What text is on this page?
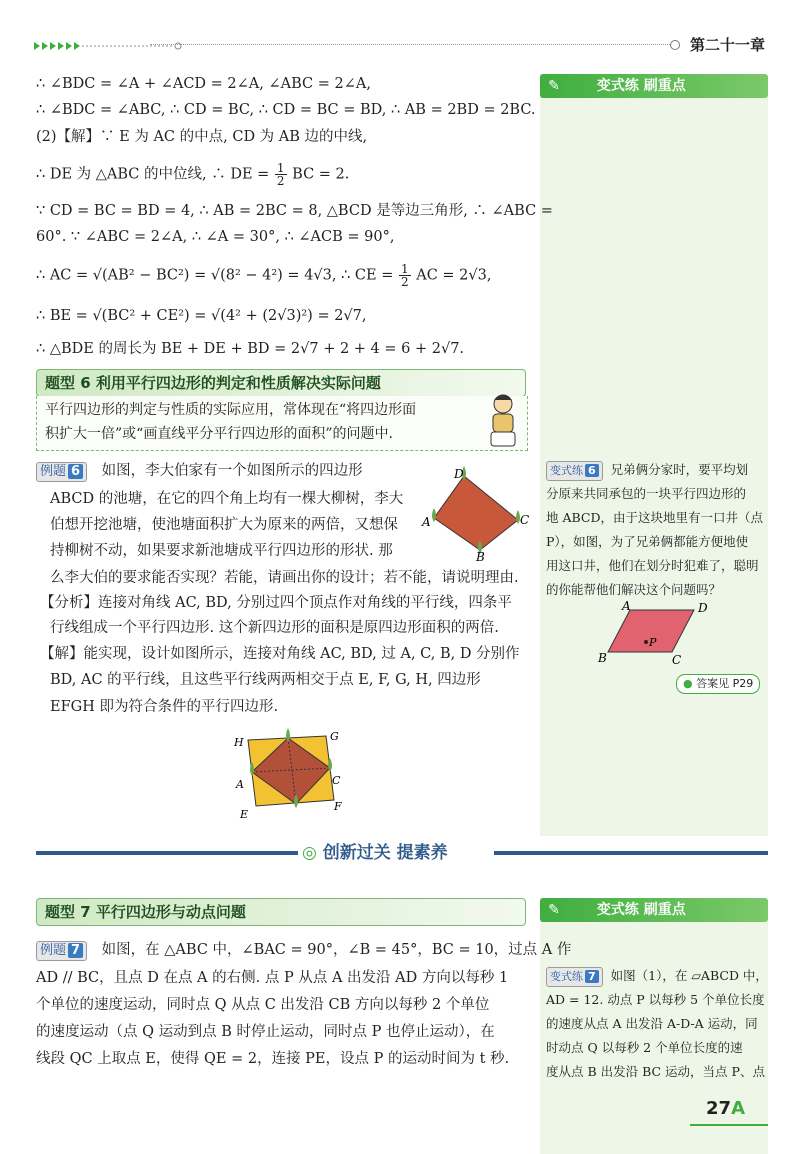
第二十一章
✎	变式练 刷重点
∴ ∠BDC = ∠A + ∠ACD = 2∠A, ∠ABC = 2∠A,
∴ ∠BDC = ∠ABC, ∴ CD = BC, ∴ CD = BC = BD, ∴ AB = 2BD = 2BC.
(2)【解】∵ E 为 AC 的中点, CD 为 AB 边的中线,
∴ DE 为 △ABC 的中位线, ∴ DE = $\frac{1}{2}$ BC = 2.
∵ CD = BC = BD = 4, ∴ AB = 2BC = 8, △BCD 是等边三角形, ∴ ∠ABC =
60°. ∵ ∠ABC = 2∠A, ∴ ∠A = 30°, ∴ ∠ACB = 90°,
∴ AC = √(AB² − BC²) = √(8² − 4²) = 4√3, ∴ CE = $\frac{1}{2}$ AC = 2√3,
∴ BE = √(BC² + CE²) = √(4² + (2√3)²) = 2√7,
∴ △BDE 的周长为 BE + DE + BD = 2√7 + 2 + 4 = 6 + 2√7.
题型 6 利用平行四边形的判定和性质解决实际问题
平行四边形的判定与性质的实际应用，常体现在“将四边形面
积扩大一倍”或“画直线平分平行四边形的面积”的问题中.
例题 6 如图，李大伯家有一个如图所示的四边形
ABCD 的池塘，在它的四个角上均有一棵大柳树，李大
伯想开挖池塘，使池塘面积扩大为原来的两倍，又想保
持柳树不动，如果要求新池塘成平行四边形的形状. 那
么李大伯的要求能否实现？若能，请画出你的设计；若不能，请说明理由.
【分析】连接对角线 AC, BD, 分别过四个顶点作对角线的平行线，四条平
行线组成一个平行四边形. 这个新四边形的面积是原四边形面积的两倍.
【解】能实现，设计如图所示，连接对角线 AC, BD, 过 A, C, B, D 分别作
BD, AC 的平行线，且这些平行线两两相交于点 E, F, G, H, 四边形
EFGH 即为符合条件的平行四边形.
D
C
B
A
H	G
A	C
E
F
变式练 6 兄弟俩分家时，要平均划
分原来共同承包的一块平行四边形的
地 ABCD，由于这块地里有一口井（点
P），如图，为了兄弟俩都能方便地使
用这口井，他们在划分时犯难了，聪明
的你能帮他们解决这个问题吗？
A	D
B	C
P
● 答案见 P29
◎ 创新过关 提素养
题型 7 平行四边形与动点问题	✎	变式练 刷重点
例题 7 如图，在 △ABC 中，∠BAC = 90°，∠B = 45°，BC = 10，过点 A 作
AD // BC，且点 D 在点 A 的右侧. 点 P 从点 A 出发沿 AD 方向以每秒 1
个单位的速度运动，同时点 Q 从点 C 出发沿 CB 方向以每秒 2 个单位
的速度运动（点 Q 运动到点 B 时停止运动，同时点 P 也停止运动），在
线段 QC 上取点 E，使得 QE = 2，连接 PE，设点 P 的运动时间为 t 秒.
变式练 7 如图（1），在 ▱ABCD 中，
AD = 12. 动点 P 以每秒 5 个单位长度
的速度从点 A 出发沿 A-D-A 运动，同
时动点 Q 以每秒 2 个单位长度的速
度从点 B 出发沿 BC 运动，当点 P、点
27A
